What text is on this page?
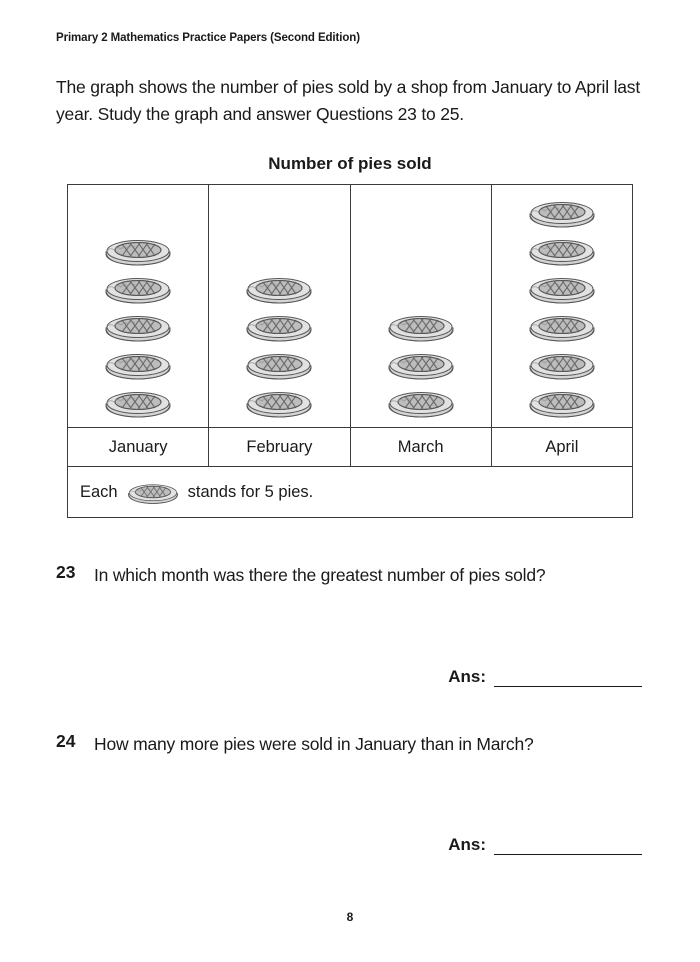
Primary 2 Mathematics Practice Papers (Second Edition)

The graph shows the number of pies sold by a shop from January to April last year. Study the graph and answer Questions 23 to 25.

Number of pies sold
January	February	March	April
Each	stands for 5 pies.
23	In which month was there the greatest number of pies sold?
Ans:
24	How many more pies were sold in January than in March?
Ans:
8
